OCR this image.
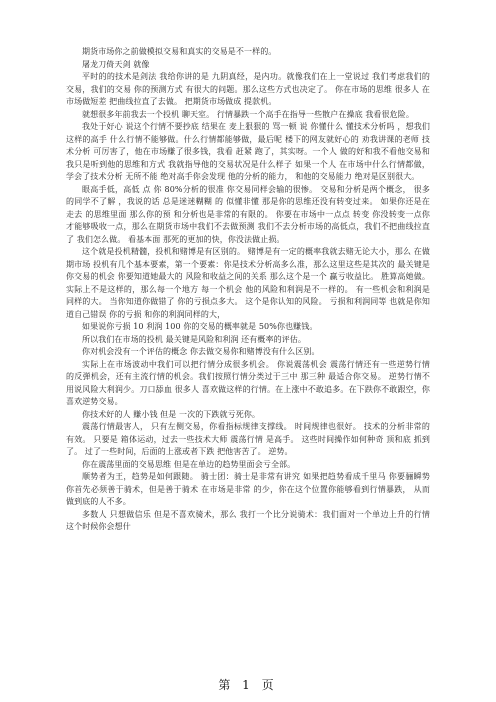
期货市场你之前做模拟交易和真实的交易是不一样的。

屠龙刀倚天剑 就像

平时的的技术是剑法 我给你讲的是 九阴真经，是内功。就像我们在上一堂说过 我们考虑我们的交易，我们的交易 你的预测方式 有很大的问题。那么这些方式也决定了。 你在市场的思维 很多人 在市场做短差 把曲线拉直了去做。 把期货市场做成 提款机。

就想很多年前我去一个投机 聊天室。 行情暴跌一个高手在指导一些散户在操底 我看很危险。

我处于好心 说这个行情不要抄底 结果在 麦上狠狠的 骂一顿 说 你懂什么 懂技术分析吗 ，想我们这样的高手 什么行情不能够做。什么行情都能够做，最后呢 楼下的网友就好心的 劝我讲课的老师 技术分析 可厉害了，他在市场赚了很多钱，我看 赶紧 跑了，其实呀。一个人 做的好和我不看他交易和 我只是听到他的思维和方式 我就指导他的交易状况是什么样子 如果一个人 在市场中什么行情都做，学会了技术分析 无所不能 绝对高手你会发现 他的分析的能力， 和他的交易能力 绝对是区别很大。

眼高手低，高低 点 你 80%分析的很准 你交易同样会输的很惨。 交易和分析是两个概念， 很多的同学不了解 ，我说的话 总是迷迷糊糊 的 似懂非懂 那是你的思维还没有转变过来。 如果你还是在走去 的思维里面 那么你的预 和分析也是非常的有限的。 你要在市场中一点点 转变 你没转变一点你才能够吸收一点，那么在期货市场中我们不去做预测 我们不去分析市场的高低点，我们不把曲线拉直了 我们怎么做。 看基本面 那死的更加的快，你没法做止损。

这个就是投机精髓，投机和赌博是有区别的。 赌博是有一定的概率我就去赌无论大小，那么 在做期市场 投机有几个基本要素，第一个要素：你是技术分析高多么准，那么这里这些是其次的 最关键是你交易的机会 你要知道她最大的 风险和收益之间的关系 那么这个是一个 赢亏收益比。 胜算高她做。 实际上不是这样的，那么每一个地方 每一个机会 他的风险和利润是不一样的。 有一些机会和利润是同样的大。 当你知道你做错了 你的亏损点多大。 这个是你认知的风险。 亏损和利润同等 也就是你知道自己错误 你的亏损 和你的利润同样的大，

如果说你亏损 10 利润 100 你的交易的概率就是 50%你也赚钱。

所以我们在市场的投机 最关键是风险和利润 还有概率的评估。

你对机会没有一个评估的概念 你去做交易你和赌博没有什么区别。

实际上在市场波动中我们可以把行情分成很多机会。 你说震荡机会 震荡行情还有一些逆势行情 的反弹机会，还有主流行情的机会。我们按照行情分类过于三中 那三种 最适合你交易。 逆势行情不用说风险大利润少。刀口舔血 很多人 喜欢做这样的行情。在上涨中不敢追多。在下跌你不敢跟空，你喜欢逆势交易。

你技术好的人 赚小钱 但是 一次的下跌就亏死你。

震荡行情最害人， 只有左侧交易，你看指标规律支撑线。 时间规律也很好。 技术的分析非常的有效。 只要是 箱体运动，过去一些技术大师 震荡行情 是高手。 这些时间操作如何种奇 顶和底 抓到了。 过了一些时间，后面的上涨或者下跌 把他害苦了。 逆势。

你在震荡里面的交易思维 但是在单边的趋势里面会亏全部。

顺势者为王，趋势是如何跟随。 骑士团：骑士是非常有讲究 如果把趋势看成千里马 你要骊瞬势 你首先必须善于骑术，但是善于骑术 在市场是非常 的少，你在这个位置你能够看到行情暴跌， 从而做到底的人不多。

多数人 只想做信乐 但是不喜欢骑术，那么 我打一个比分说骑术：我们面对一个单边上升的行情 这个时候你会想什

第 1 页
